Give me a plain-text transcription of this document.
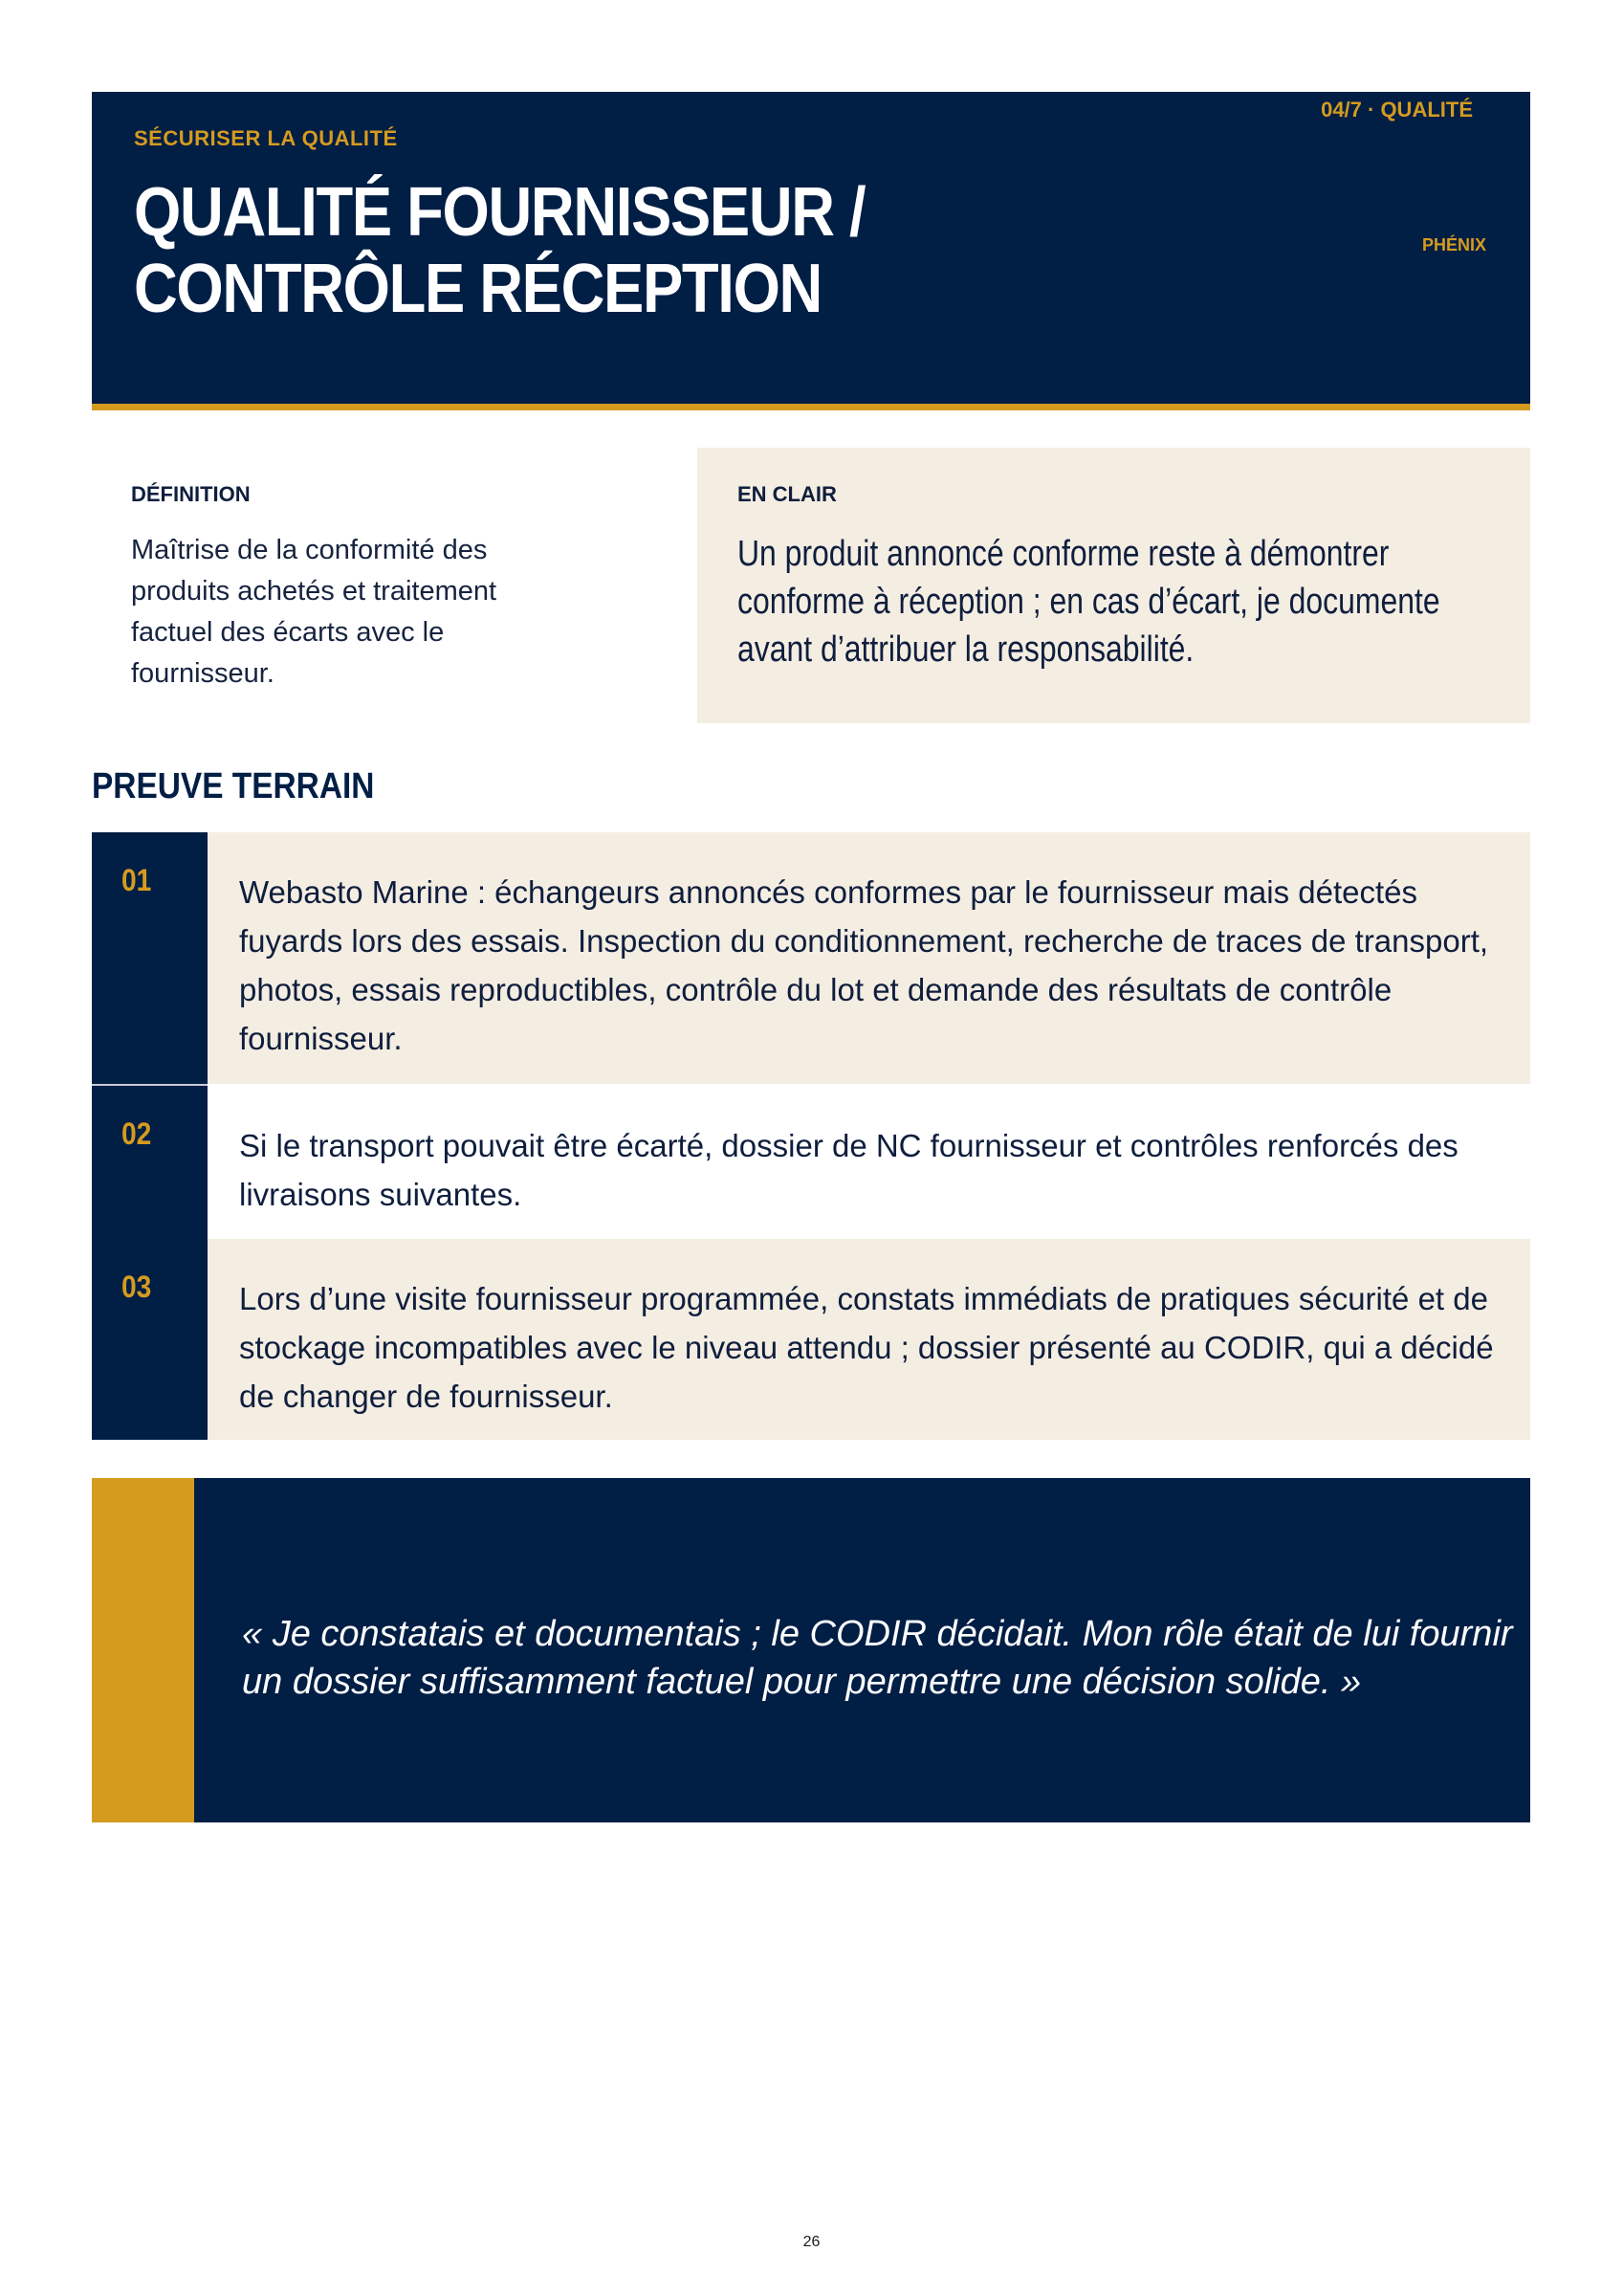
SÉCURISER LA QUALITÉ
04/7 · QUALITÉ
PHÉNIX
QUALITÉ FOURNISSEUR /
CONTRÔLE RÉCEPTION
DÉFINITION
Maîtrise de la conformité des produits achetés et traitement factuel des écarts avec le fournisseur.
EN CLAIR
Un produit annoncé conforme reste à démontrer conforme à réception ; en cas d’écart, je documente avant d’attribuer la responsabilité.
PREUVE TERRAIN
01	Webasto Marine : échangeurs annoncés conformes par le fournisseur mais détectés fuyards lors des essais. Inspection du conditionnement, recherche de traces de transport, photos, essais reproductibles, contrôle du lot et demande des résultats de contrôle fournisseur.
02	Si le transport pouvait être écarté, dossier de NC fournisseur et contrôles renforcés des livraisons suivantes.
03	Lors d’une visite fournisseur programmée, constats immédiats de pratiques sécurité et de stockage incompatibles avec le niveau attendu ; dossier présenté au CODIR, qui a décidé de changer de fournisseur.
« Je constatais et documentais ; le CODIR décidait. Mon rôle était de lui fournir un dossier suffisamment factuel pour permettre une décision solide. »
26
